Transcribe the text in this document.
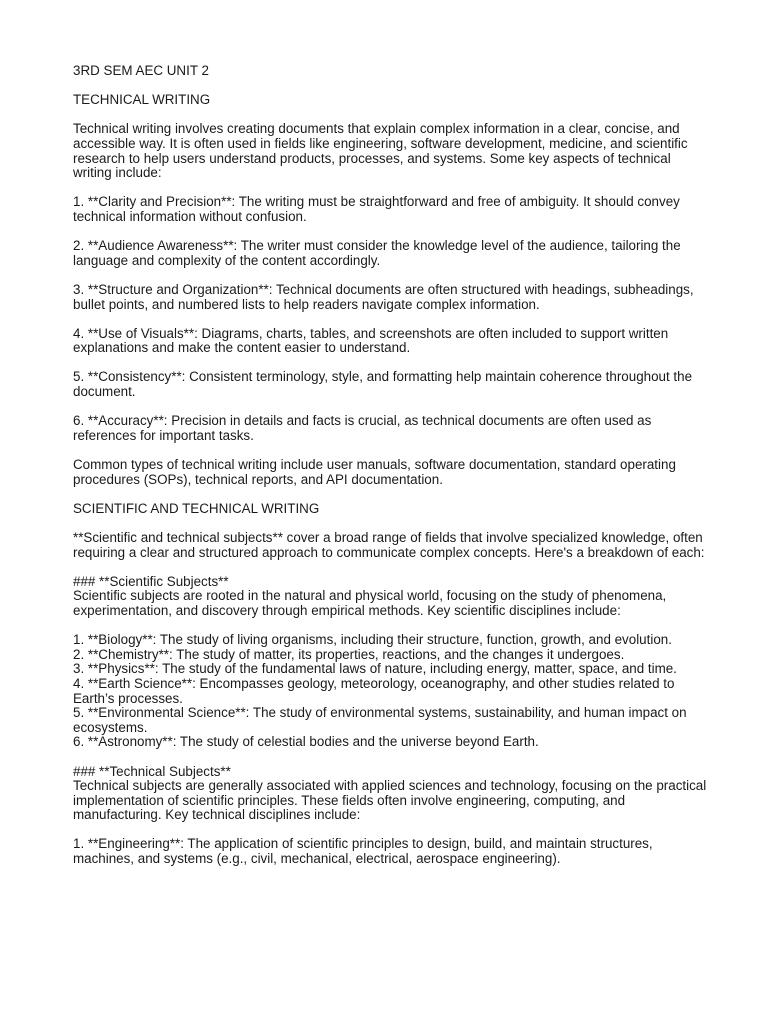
3RD SEM AEC UNIT 2

TECHNICAL WRITING

Technical writing involves creating documents that explain complex information in a clear, concise, and accessible way. It is often used in fields like engineering, software development, medicine, and scientific research to help users understand products, processes, and systems. Some key aspects of technical writing include:

1. **Clarity and Precision**: The writing must be straightforward and free of ambiguity. It should convey technical information without confusion.

2. **Audience Awareness**: The writer must consider the knowledge level of the audience, tailoring the language and complexity of the content accordingly.

3. **Structure and Organization**: Technical documents are often structured with headings, subheadings, bullet points, and numbered lists to help readers navigate complex information.

4. **Use of Visuals**: Diagrams, charts, tables, and screenshots are often included to support written explanations and make the content easier to understand.

5. **Consistency**: Consistent terminology, style, and formatting help maintain coherence throughout the document.

6. **Accuracy**: Precision in details and facts is crucial, as technical documents are often used as references for important tasks.

Common types of technical writing include user manuals, software documentation, standard operating procedures (SOPs), technical reports, and API documentation.

SCIENTIFIC AND TECHNICAL WRITING

**Scientific and technical subjects** cover a broad range of fields that involve specialized knowledge, often requiring a clear and structured approach to communicate complex concepts. Here's a breakdown of each:

### **Scientific Subjects**

Scientific subjects are rooted in the natural and physical world, focusing on the study of phenomena, experimentation, and discovery through empirical methods. Key scientific disciplines include:

1. **Biology**: The study of living organisms, including their structure, function, growth, and evolution.

2. **Chemistry**: The study of matter, its properties, reactions, and the changes it undergoes.

3. **Physics**: The study of the fundamental laws of nature, including energy, matter, space, and time.

4. **Earth Science**: Encompasses geology, meteorology, oceanography, and other studies related to Earth’s processes.

5. **Environmental Science**: The study of environmental systems, sustainability, and human impact on ecosystems.

6. **Astronomy**: The study of celestial bodies and the universe beyond Earth.

### **Technical Subjects**

Technical subjects are generally associated with applied sciences and technology, focusing on the practical implementation of scientific principles. These fields often involve engineering, computing, and manufacturing. Key technical disciplines include:

1. **Engineering**: The application of scientific principles to design, build, and maintain structures, machines, and systems (e.g., civil, mechanical, electrical, aerospace engineering).
